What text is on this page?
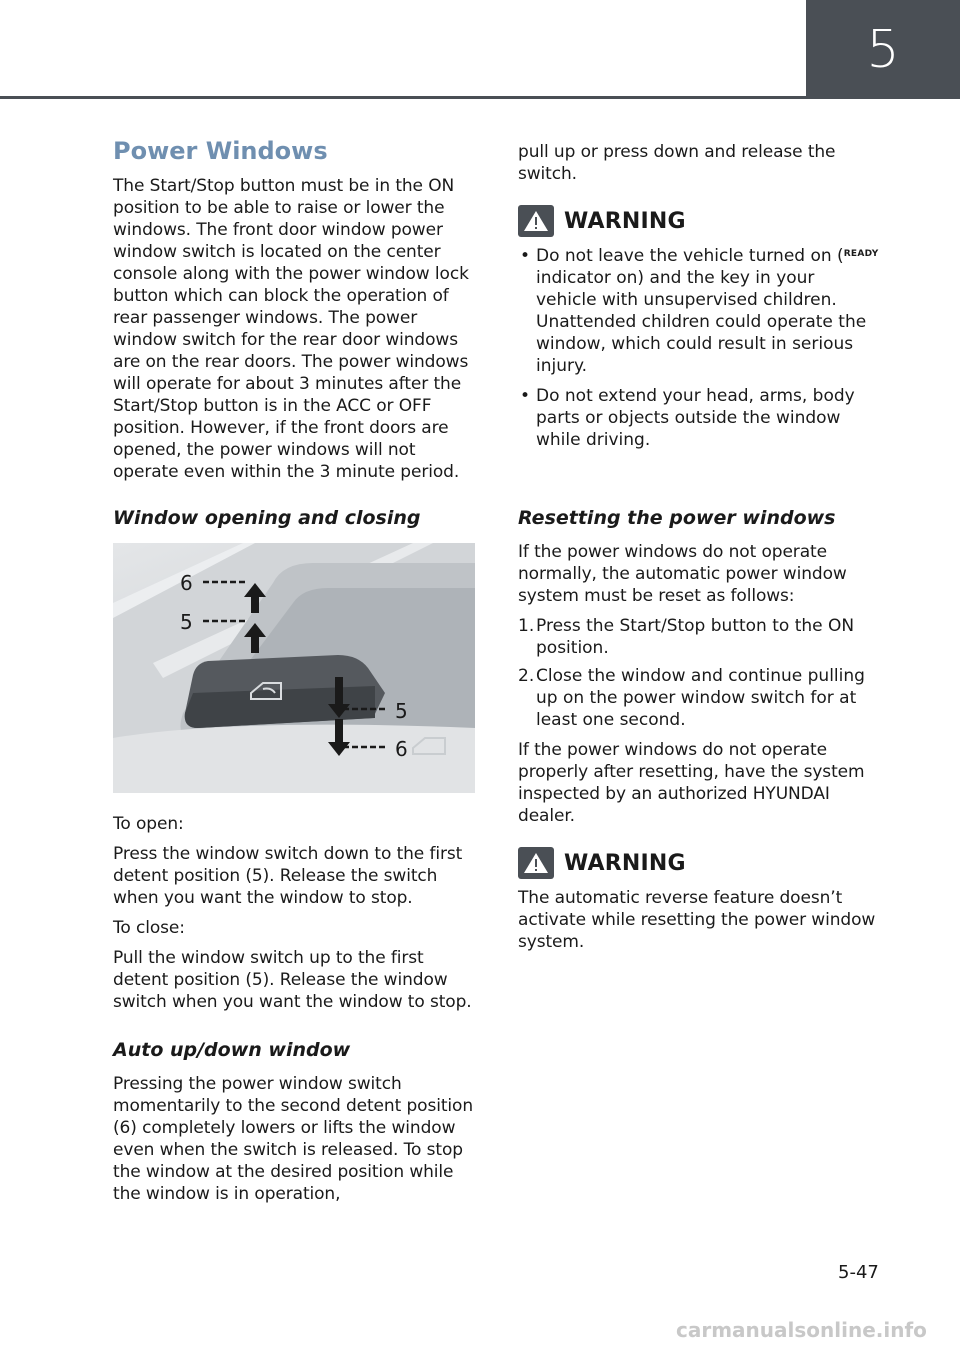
5
Power Windows

The Start/Stop button must be in the ON position to be able to raise or lower the windows. The front door window power window switch is located on the center console along with the power window lock button which can block the operation of rear passenger windows. The power window switch for the rear door windows are on the rear doors. The power windows will operate for about 3 minutes after the Start/Stop button is in the ACC or OFF position. However, if the front doors are opened, the power windows will not operate even within the 3 minute period.

Window opening and closing
6
5
5
6

To open:

Press the window switch down to the first detent position (5). Release the switch when you want the window to stop.

To close:

Pull the window switch up to the first detent position (5). Release the window switch when you want the window to stop.

Auto up/down window

Pressing the power window switch momentarily to the second detent position (6) completely lowers or lifts the window even when the switch is released. To stop the window at the desired position while the window is in operation,

pull up or press down and release the switch.

WARNING
• Do not leave the vehicle turned on (READY indicator on) and the key in your vehicle with unsupervised children. Unattended children could operate the window, which could result in serious injury.
• Do not extend your head, arms, body parts or objects outside the window while driving.
Resetting the power windows

If the power windows do not operate normally, the automatic power window system must be reset as follows:

1. Press the Start/Stop button to the ON position.
2. Close the window and continue pulling up on the power window switch for at least one second.

If the power windows do not operate properly after resetting, have the system inspected by an authorized HYUNDAI dealer.

WARNING

The automatic reverse feature doesn’t activate while resetting the power window system.

5-47
carmanualsonline.info
